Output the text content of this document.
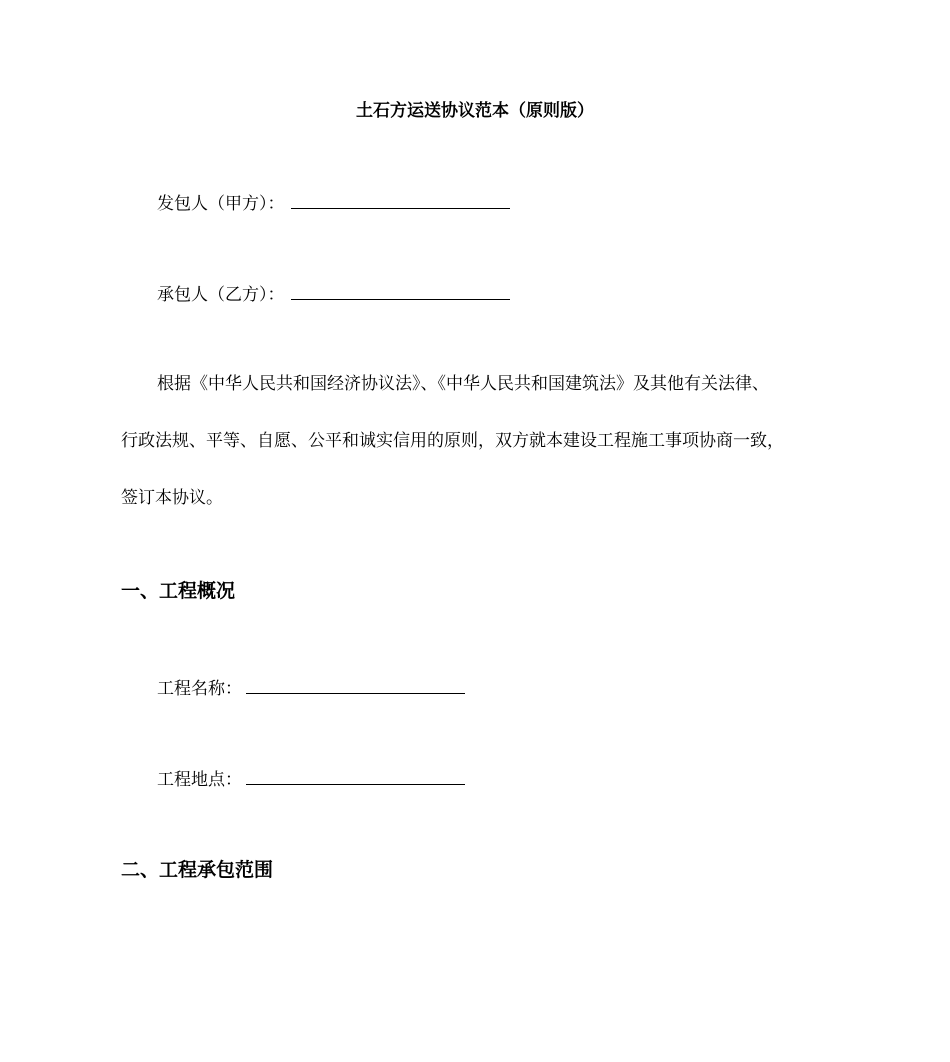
土石方运送协议范本（原则版）
发包人（甲方）：
承包人（乙方）：
根据《中华人民共和国经济协议法》、《中华人民共和国建筑法》及其他有关法律、
行政法规、平等、自愿、公平和诚实信用的原则，双方就本建设工程施工事项协商一致，
签订本协议。
一、工程概况
工程名称：
工程地点：
二、工程承包范围
